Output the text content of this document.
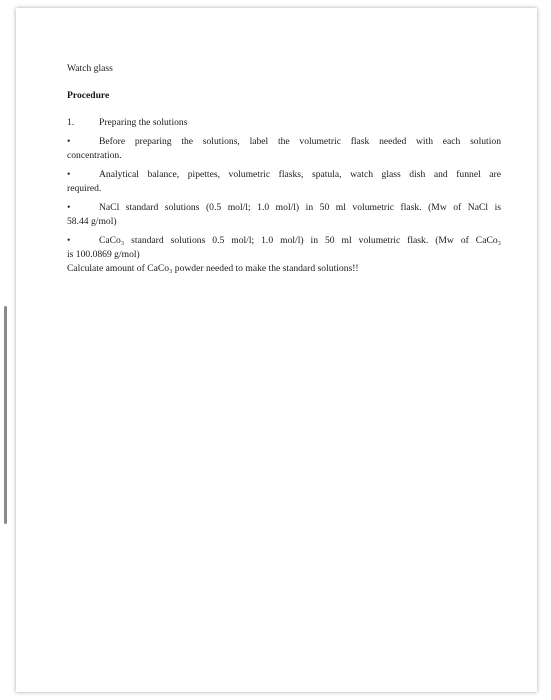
Watch glass
Procedure
1.	Preparing the solutions
•	Before preparing the solutions, label the volumetric flask needed with each solution
concentration.
•	Analytical balance, pipettes, volumetric flasks, spatula, watch glass dish and funnel are
required.
•	NaCl standard solutions (0.5 mol/l; 1.0 mol/l) in 50 ml volumetric flask. (Mw of NaCl is
58.44 g/mol)
•	CaCo₃ standard solutions 0.5 mol/l; 1.0 mol/l) in 50 ml volumetric flask. (Mw of CaCo₃
is 100.0869 g/mol)
Calculate amount of CaCo₃ powder needed to make the standard solutions!!
